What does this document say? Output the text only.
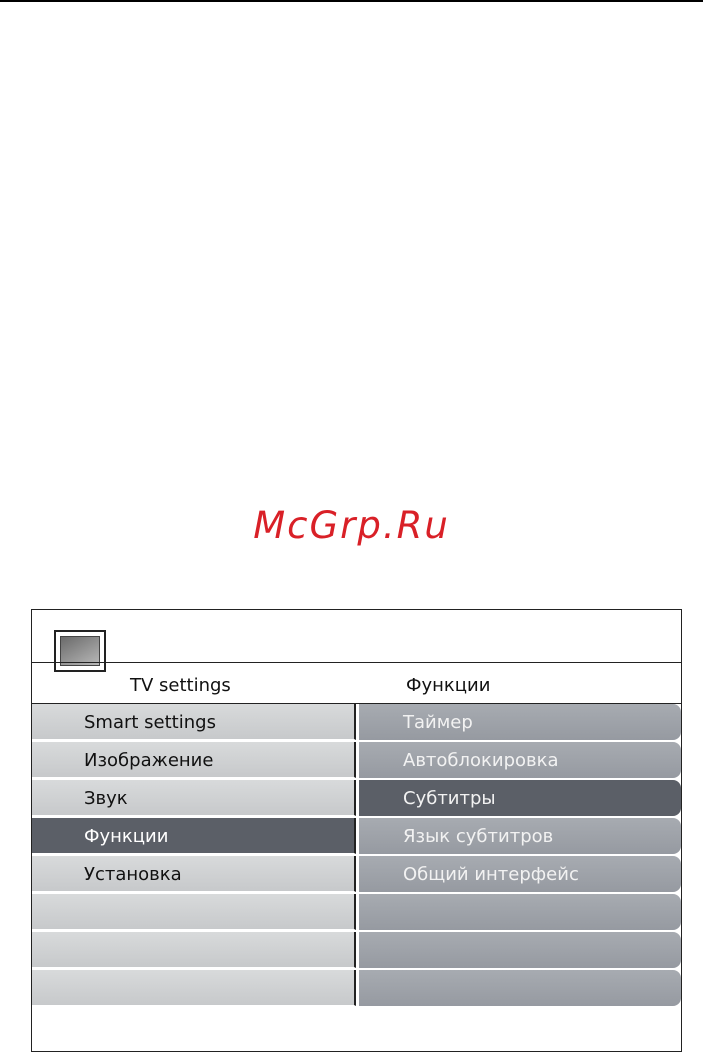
McGrp.Ru
TV settings	Функции
Smart settings
Изображение
Звук
Функции
Установка
Таймер
Автоблокировка
Субтитры
Язык субтитров
Общий интерфейс
